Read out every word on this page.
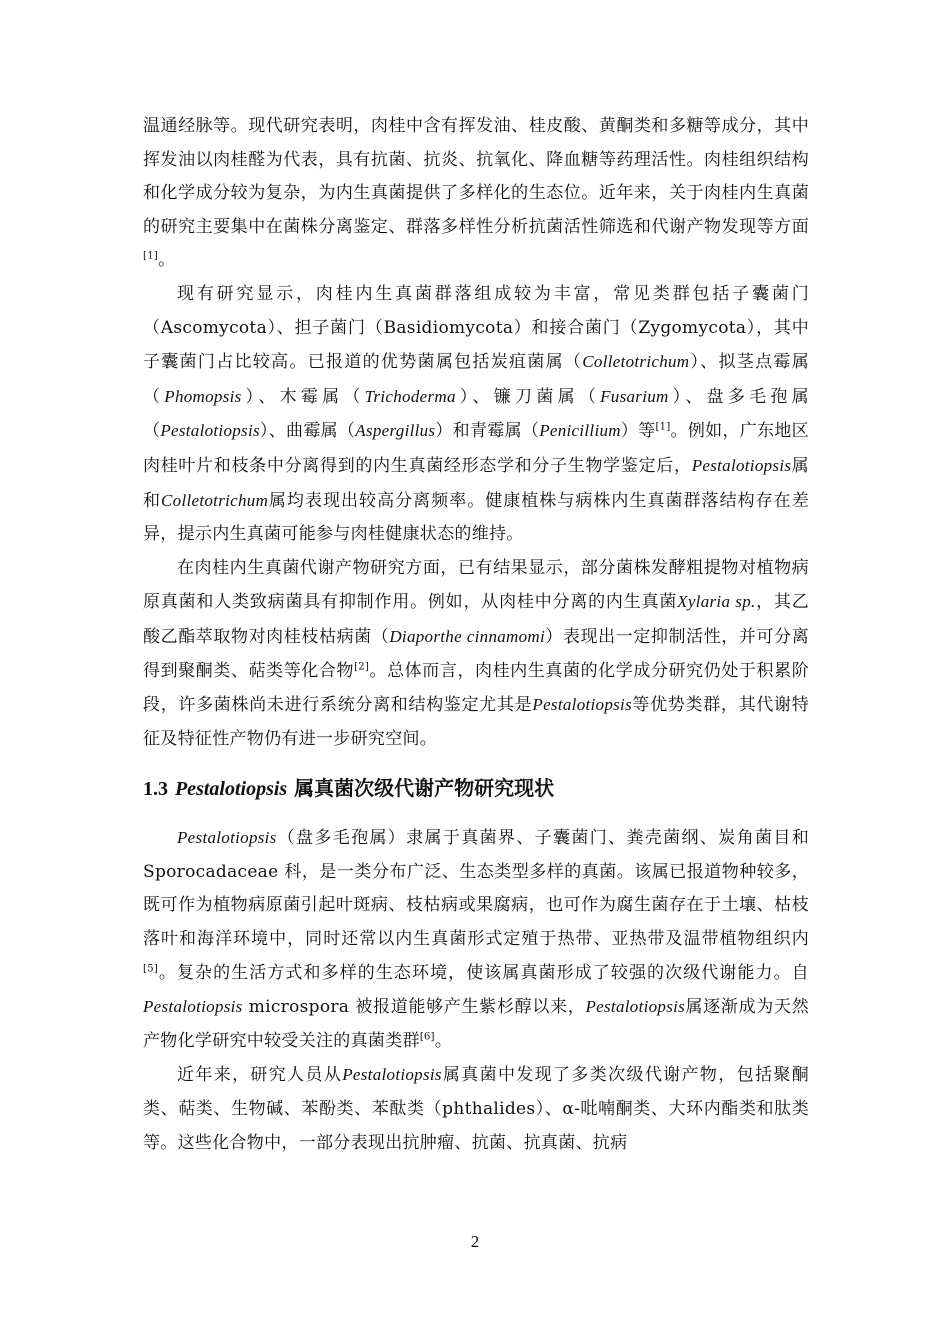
温通经脉等。现代研究表明，肉桂中含有挥发油、桂皮酸、黄酮类和多糖等成分，其中挥发油以肉桂醛为代表，具有抗菌、抗炎、抗氧化、降血糖等药理活性。肉桂组织结构和化学成分较为复杂，为内生真菌提供了多样化的生态位。近年来，关于肉桂内生真菌的研究主要集中在菌株分离鉴定、群落多样性分析抗菌活性筛选和代谢产物发现等方面[1]。

现有研究显示，肉桂内生真菌群落组成较为丰富，常见类群包括子囊菌门（Ascomycota）、担子菌门（Basidiomycota）和接合菌门（Zygomycota），其中子囊菌门占比较高。已报道的优势菌属包括炭疽菌属（Colletotrichum）、拟茎点霉属（Phomopsis）、木霉属（Trichoderma）、镰刀菌属（Fusarium）、盘多毛孢属（Pestalotiopsis）、曲霉属（Aspergillus）和青霉属（Penicillium）等[1]。例如，广东地区肉桂叶片和枝条中分离得到的内生真菌经形态学和分子生物学鉴定后，Pestalotiopsis属和Colletotrichum属均表现出较高分离频率。健康植株与病株内生真菌群落结构存在差异，提示内生真菌可能参与肉桂健康状态的维持。

在肉桂内生真菌代谢产物研究方面，已有结果显示，部分菌株发酵粗提物对植物病原真菌和人类致病菌具有抑制作用。例如，从肉桂中分离的内生真菌Xylaria sp.，其乙酸乙酯萃取物对肉桂枝枯病菌（Diaporthe cinnamomi）表现出一定抑制活性，并可分离得到聚酮类、萜类等化合物[2]。总体而言，肉桂内生真菌的化学成分研究仍处于积累阶段，许多菌株尚未进行系统分离和结构鉴定尤其是Pestalotiopsis等优势类群，其代谢特征及特征性产物仍有进一步研究空间。

1.3 Pestalotiopsis 属真菌次级代谢产物研究现状

Pestalotiopsis（盘多毛孢属）隶属于真菌界、子囊菌门、粪壳菌纲、炭角菌目和 Sporocadaceae 科，是一类分布广泛、生态类型多样的真菌。该属已报道物种较多，既可作为植物病原菌引起叶斑病、枝枯病或果腐病，也可作为腐生菌存在于土壤、枯枝落叶和海洋环境中，同时还常以内生真菌形式定殖于热带、亚热带及温带植物组织内[5]。复杂的生活方式和多样的生态环境，使该属真菌形成了较强的次级代谢能力。自Pestalotiopsis microspora 被报道能够产生紫杉醇以来，Pestalotiopsis属逐渐成为天然产物化学研究中较受关注的真菌类群[6]。

近年来，研究人员从Pestalotiopsis属真菌中发现了多类次级代谢产物，包括聚酮类、萜类、生物碱、苯酚类、苯酞类（phthalides）、α-吡喃酮类、大环内酯类和肽类等。这些化合物中，一部分表现出抗肿瘤、抗菌、抗真菌、抗病

2
